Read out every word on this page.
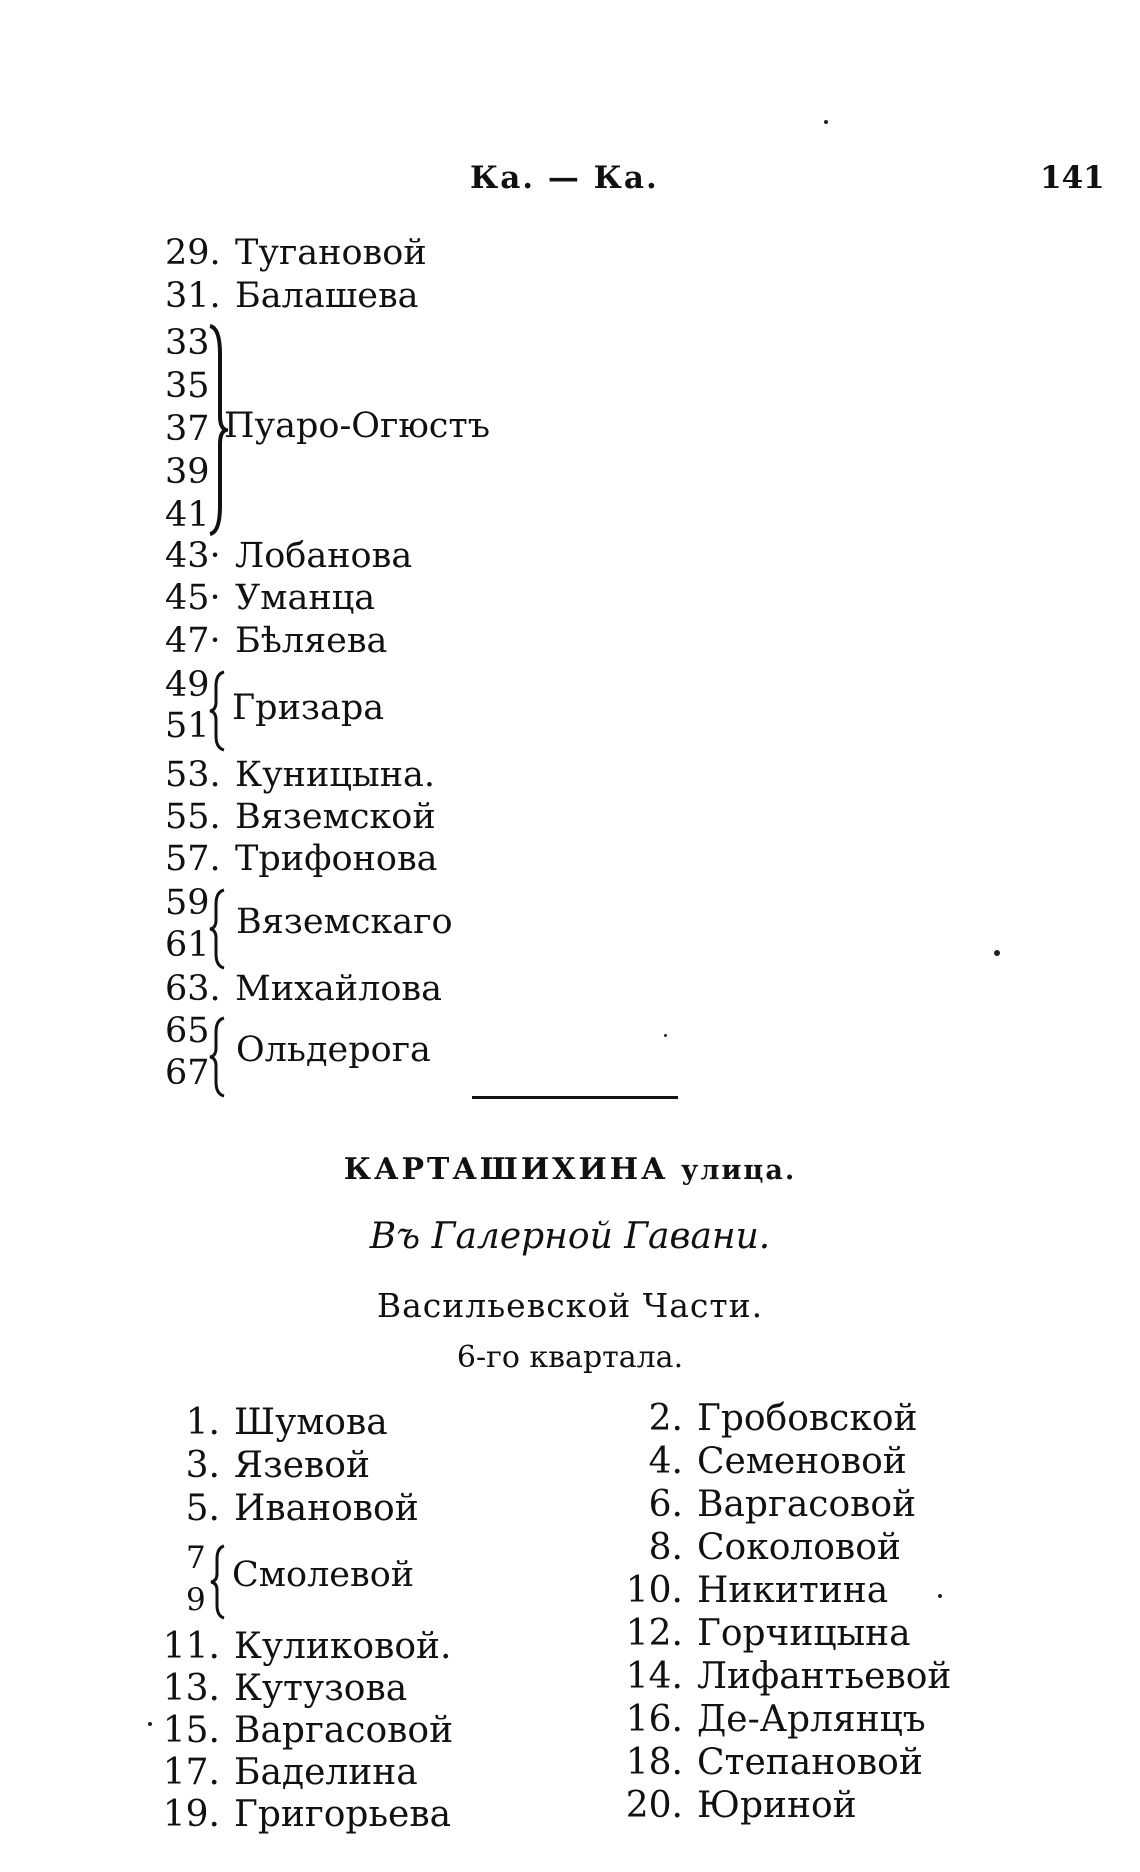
Ка. — Ка.	141
29. Тугановой
31. Балашева
33
35
37
39
41
Пуаро-Огюстъ
43· Лобанова
45· Уманца
47· Бѣляева
49
51 Гризара
53. Куницына.
55. Вяземской
57. Трифонова
59
61
Вяземскаго
63. Михайлова
65
67
Ольдерога
КАРТАШИХИНА улица.
Въ Галерной Гавани.
Васильевской Части.
6-го квартала.
1. Шумова
3. Язевой
5. Ивановой
7
9
Смолевой
11. Куликовой.
13. Кутузова
15. Варгасовой
17. Баделина
19. Григорьева
2. Гробовской
4. Семеновой
6. Варгасовой
8. Соколовой
10. Никитина
12. Горчицына
14. Лифантьевой
16. Де-Арлянцъ
18. Степановой
20. Юриной
